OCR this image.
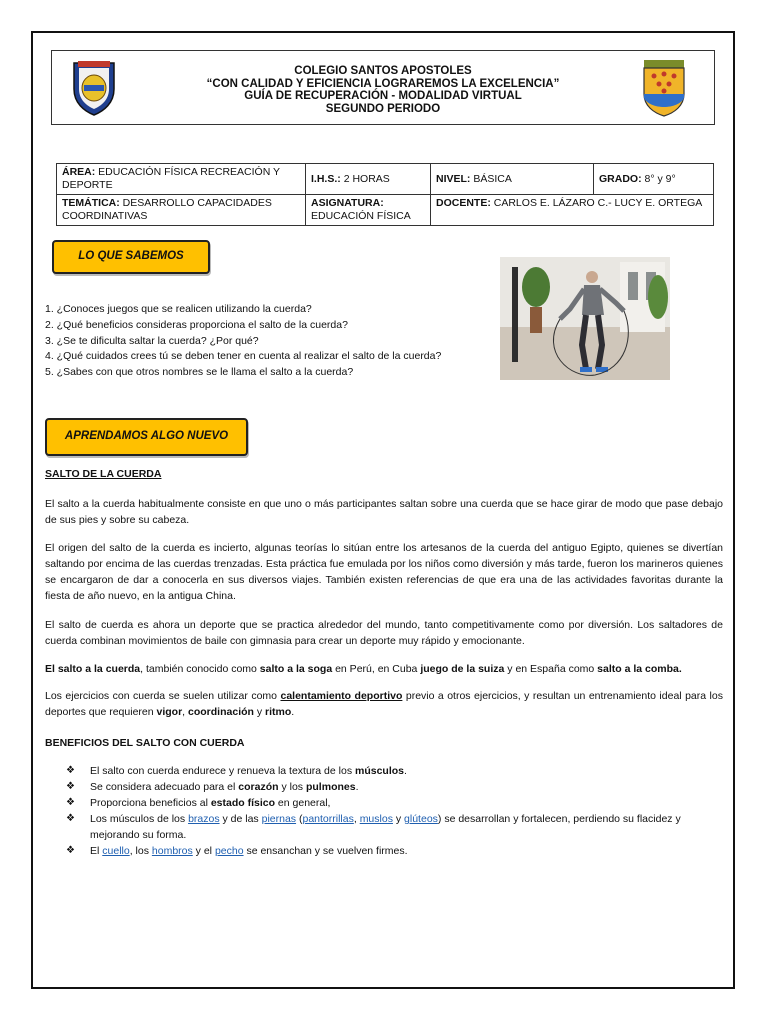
COLEGIO SANTOS APOSTOLES
“CON CALIDAD Y EFICIENCIA LOGRAREMOS LA EXCELENCIA”
GUÍA DE RECUPERACIÓN - MODALIDAD VIRTUAL
SEGUNDO PERIODO
ÁREA: EDUCACIÓN FÍSICA RECREACIÓN Y DEPORTE	I.H.S.: 2 HORAS	NIVEL: BÁSICA	GRADO: 8° y 9°
TEMÁTICA: DESARROLLO CAPACIDADES COORDINATIVAS	ASIGNATURA:
EDUCACIÓN FÍSICA	DOCENTE: CARLOS E. LÁZARO C.- LUCY E. ORTEGA	
LO QUE SABEMOS
1. ¿Conoces juegos que se realicen utilizando la cuerda?
2. ¿Qué beneficios consideras proporciona el salto de la cuerda?
3. ¿Se te dificulta saltar la cuerda? ¿Por qué?
4. ¿Qué cuidados crees tú se deben tener en cuenta al realizar el salto de la cuerda?
5. ¿Sabes con que otros nombres se le llama el salto a la cuerda?
APRENDAMOS ALGO NUEVO

SALTO DE LA CUERDA

El salto a la cuerda habitualmente consiste en que uno o más participantes saltan sobre una cuerda que se hace girar de modo que pase debajo de sus pies y sobre su cabeza.

El origen del salto de la cuerda es incierto, algunas teorías lo sitúan entre los artesanos de la cuerda del antiguo Egipto, quienes se divertían saltando por encima de las cuerdas trenzadas. Esta práctica fue emulada por los niños como diversión y más tarde, fueron los marineros quienes se encargaron de dar a conocerla en sus diversos viajes. También existen referencias de que era una de las actividades favoritas durante la fiesta de año nuevo, en la antigua China.

El salto de cuerda es ahora un deporte que se practica alrededor del mundo, tanto competitivamente como por diversión. Los saltadores de cuerda combinan movimientos de baile con gimnasia para crear un deporte muy rápido y emocionante.

El salto a la cuerda, también conocido como salto a la soga en Perú, en Cuba juego de la suiza y en España como salto a la comba.

Los ejercicios con cuerda se suelen utilizar como calentamiento deportivo previo a otros ejercicios, y resultan un entrenamiento ideal para los deportes que requieren vigor, coordinación y ritmo.

BENEFICIOS DEL SALTO CON CUERDA

❖ El salto con cuerda endurece y renueva la textura de los músculos.
❖ Se considera adecuado para el corazón y los pulmones.
❖ Proporciona beneficios al estado físico en general,
❖ Los músculos de los brazos y de las piernas (pantorrillas, muslos y glúteos) se desarrollan y fortalecen, perdiendo su flacidez y mejorando su forma.
❖ El cuello, los hombros y el pecho se ensanchan y se vuelven firmes.
